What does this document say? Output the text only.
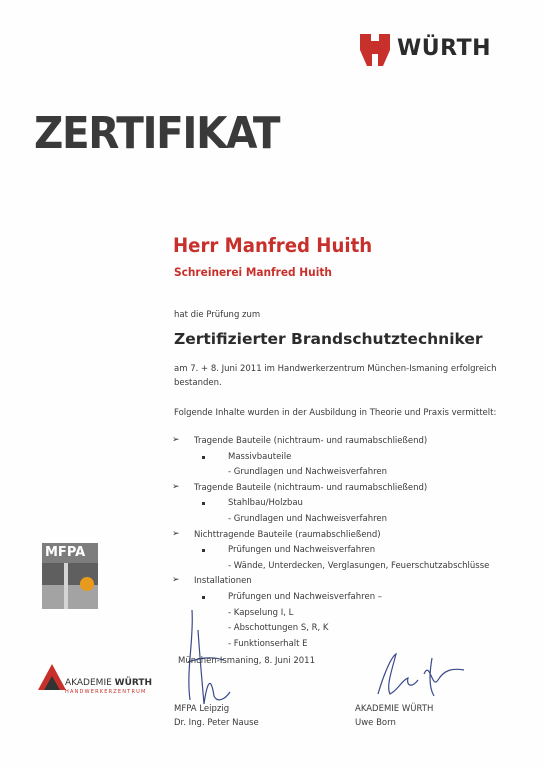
WÜRTH
ZERTIFIKAT
Herr Manfred Huith
Schreinerei Manfred Huith
hat die Prüfung zum
Zertifizierter Brandschutztechniker
am 7. + 8. Juni 2011 im Handwerkerzentrum München-Ismaning erfolgreich
bestanden.
Folgende Inhalte wurden in der Ausbildung in Theorie und Praxis vermittelt:
➢ Tragende Bauteile (nichtraum- und raumabschließend)
Massivbauteile
- Grundlagen und Nachweisverfahren
➢ Tragende Bauteile (nichtraum- und raumabschließend)
Stahlbau/Holzbau
- Grundlagen und Nachweisverfahren
➢ Nichttragende Bauteile (raumabschließend)
Prüfungen und Nachweisverfahren
- Wände, Unterdecken, Verglasungen, Feuerschutzabschlüsse
➢ Installationen
Prüfungen und Nachweisverfahren –
- Kapselung I, L
- Abschottungen S, R, K
- Funktionserhalt E
MFPA
AKADEMIE WÜRTH
HANDWERKERZENTRUM
München-Ismaning, 8. Juni 2011
MFPA Leipzig
Dr. Ing. Peter Nause
AKADEMIE WÜRTH
Uwe Born
